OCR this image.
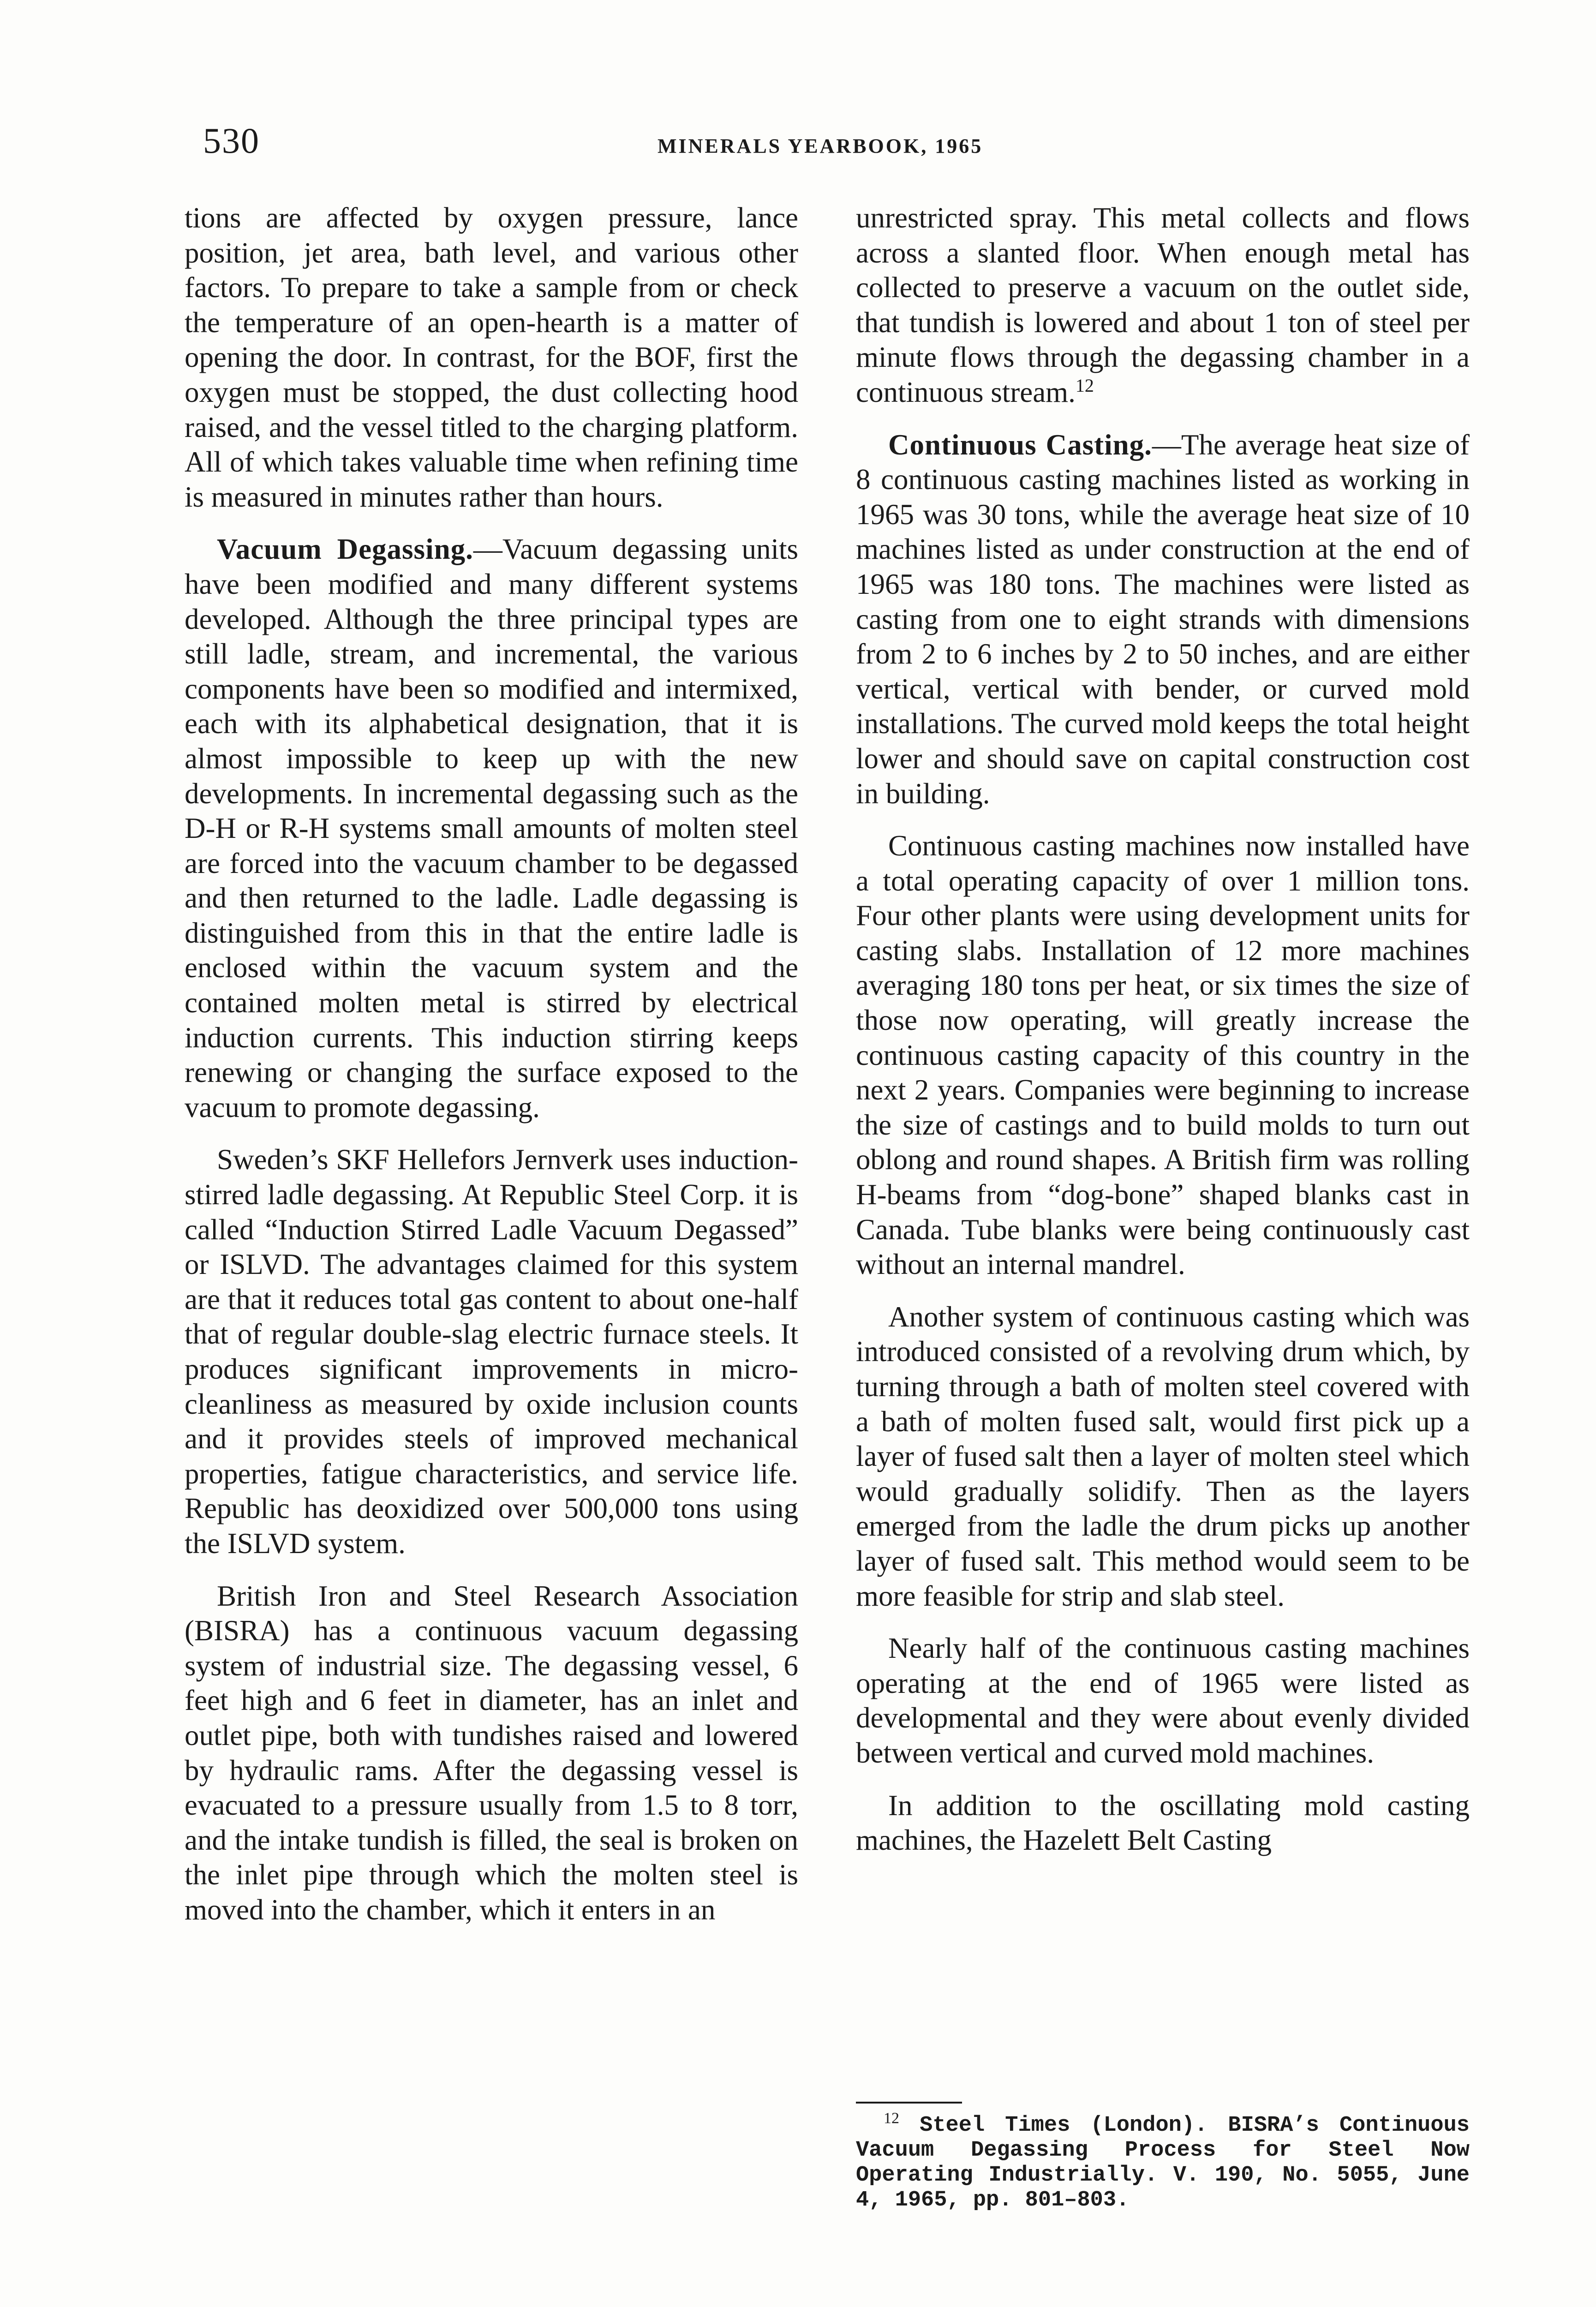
530	MINERALS YEARBOOK, 1965

tions are affected by oxygen pressure, lance position, jet area, bath level, and various other factors. To prepare to take a sample from or check the temperature of an open-hearth is a matter of opening the door. In contrast, for the BOF, first the oxygen must be stopped, the dust collecting hood raised, and the vessel titled to the charging platform. All of which takes valuable time when refining time is measured in minutes rather than hours.

Vacuum Degassing.—Vacuum degassing units have been modified and many different systems developed. Although the three principal types are still ladle, stream, and incremental, the various components have been so modified and intermixed, each with its alphabetical designation, that it is almost impossible to keep up with the new developments. In incremental degassing such as the D-H or R-H systems small amounts of molten steel are forced into the vacuum chamber to be degassed and then returned to the ladle. Ladle degassing is distinguished from this in that the entire ladle is enclosed within the vacuum system and the contained molten metal is stirred by electrical induction currents. This induction stirring keeps renewing or changing the surface exposed to the vacuum to promote degassing.

Sweden’s SKF Hellefors Jernverk uses induction-stirred ladle degassing. At Republic Steel Corp. it is called “Induction Stirred Ladle Vacuum Degassed” or ISLVD. The advantages claimed for this system are that it reduces total gas content to about one-half that of regular double-slag electric furnace steels. It produces significant improvements in micro-cleanliness as measured by oxide inclusion counts and it provides steels of improved mechanical properties, fatigue characteristics, and service life. Republic has deoxidized over 500,000 tons using the ISLVD system.

British Iron and Steel Research Association (BISRA) has a continuous vacuum degassing system of industrial size. The degassing vessel, 6 feet high and 6 feet in diameter, has an inlet and outlet pipe, both with tundishes raised and lowered by hydraulic rams. After the degassing vessel is evacuated to a pressure usually from 1.5 to 8 torr, and the intake tundish is filled, the seal is broken on the inlet pipe through which the molten steel is moved into the chamber, which it enters in an

unrestricted spray. This metal collects and flows across a slanted floor. When enough metal has collected to preserve a vacuum on the outlet side, that tundish is lowered and about 1 ton of steel per minute flows through the degassing chamber in a continuous stream.$^{12}$

Continuous Casting.—The average heat size of 8 continuous casting machines listed as working in 1965 was 30 tons, while the average heat size of 10 machines listed as under construction at the end of 1965 was 180 tons. The machines were listed as casting from one to eight strands with dimensions from 2 to 6 inches by 2 to 50 inches, and are either vertical, vertical with bender, or curved mold installations. The curved mold keeps the total height lower and should save on capital construction cost in building.

Continuous casting machines now installed have a total operating capacity of over 1 million tons. Four other plants were using development units for casting slabs. Installation of 12 more machines averaging 180 tons per heat, or six times the size of those now operating, will greatly increase the continuous casting capacity of this country in the next 2 years. Companies were beginning to increase the size of castings and to build molds to turn out oblong and round shapes. A British firm was rolling H-beams from “dog-bone” shaped blanks cast in Canada. Tube blanks were being continuously cast without an internal mandrel.

Another system of continuous casting which was introduced consisted of a revolving drum which, by turning through a bath of molten steel covered with a bath of molten fused salt, would first pick up a layer of fused salt then a layer of molten steel which would gradually solidify. Then as the layers emerged from the ladle the drum picks up another layer of fused salt. This method would seem to be more feasible for strip and slab steel.

Nearly half of the continuous casting machines operating at the end of 1965 were listed as developmental and they were about evenly divided between vertical and curved mold machines.

In addition to the oscillating mold casting machines, the Hazelett Belt Casting

$^{12}$ Steel Times (London). BISRA’s Continuous Vacuum Degassing Process for Steel Now Operating Industrially. V. 190, No. 5055, June 4, 1965, pp. 801–803.
